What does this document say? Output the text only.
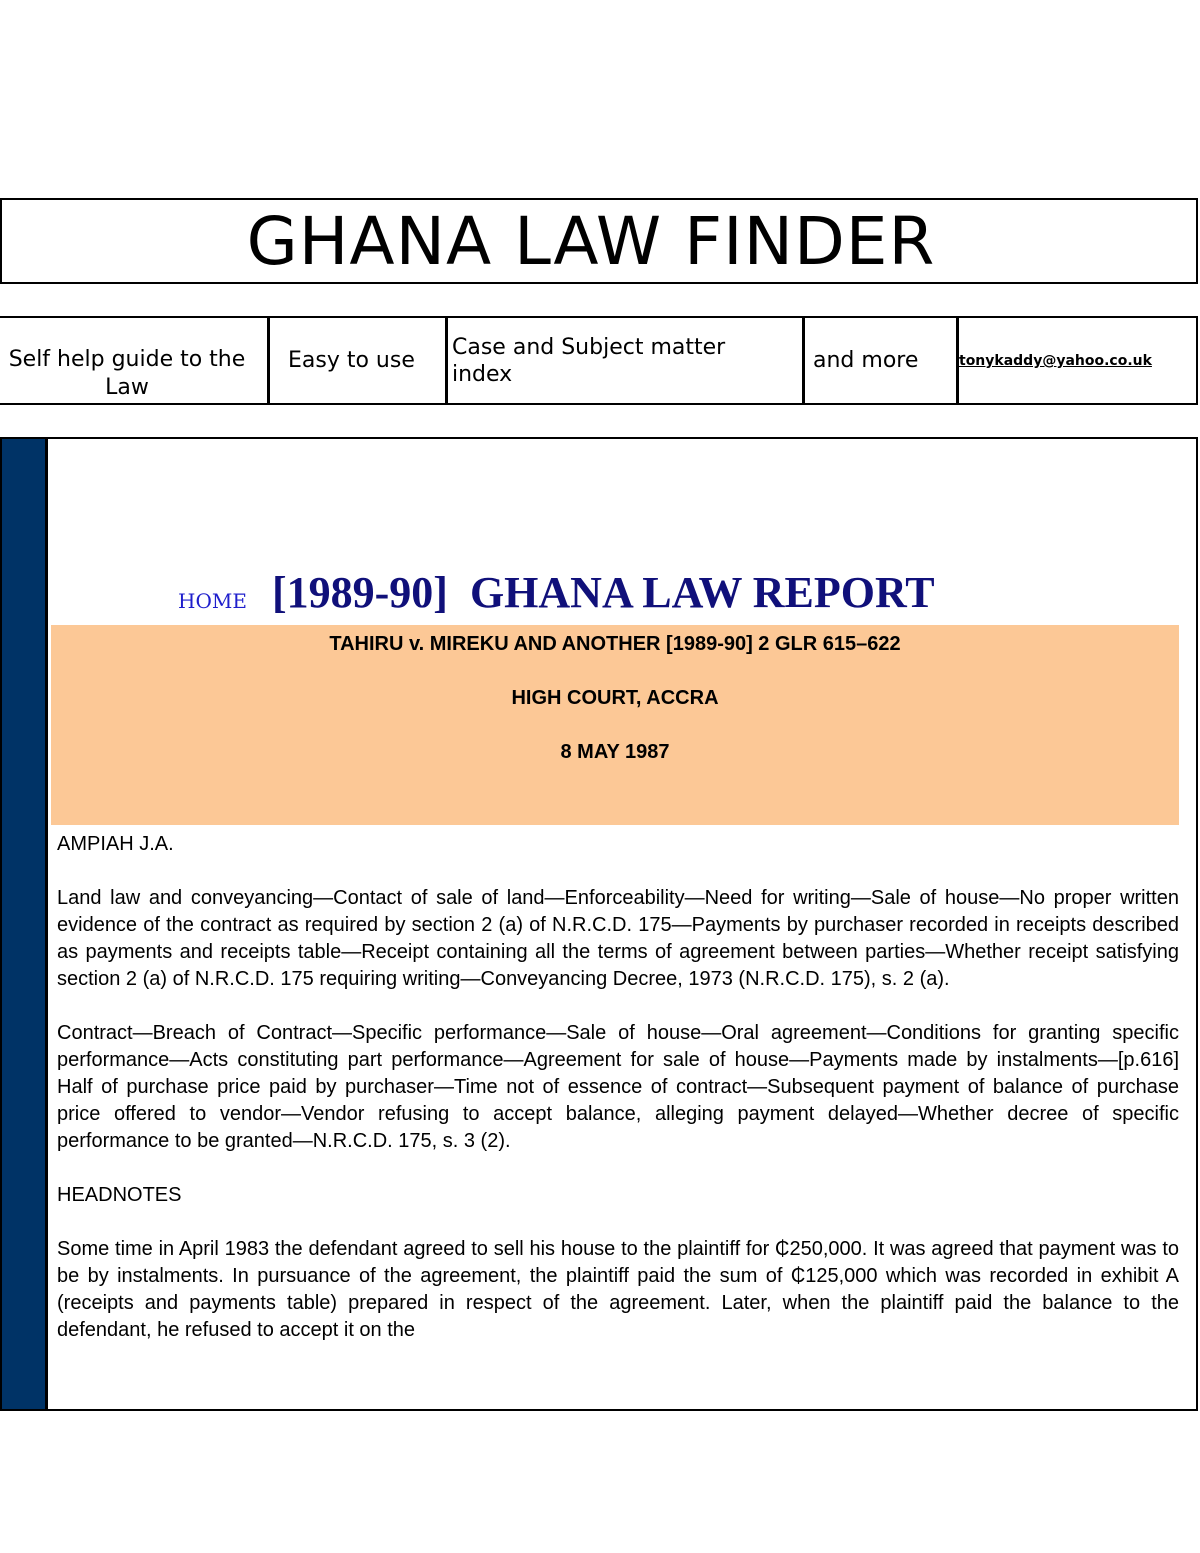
GHANA LAW FINDER
Self help guide to the Law
Easy to use
Case and Subject matter index
and more	tonykaddy@yahoo.co.uk
HOME [1989-90]  GHANA LAW REPORT
TAHIRU v. MIREKU AND ANOTHER [1989-90] 2 GLR 615–622
HIGH COURT, ACCRA
8 MAY 1987

AMPIAH J.A.

Land law and conveyancing—Contact of sale of land—Enforceability—Need for writing—Sale of house—No proper written evidence of the contract as required by section 2 (a) of N.R.C.D. 175—Payments by purchaser recorded in receipts described as payments and receipts table—Receipt containing all the terms of agreement between parties—Whether receipt satisfying section 2 (a) of N.R.C.D. 175 requiring writing—Conveyancing Decree, 1973 (N.R.C.D. 175), s. 2 (a).

Contract—Breach of Contract—Specific performance—Sale of house—Oral agreement—Conditions for granting specific performance—Acts constituting part performance—Agreement for sale of house—Payments made by instalments—[p.616] Half of purchase price paid by purchaser—Time not of essence of contract—Subsequent payment of balance of purchase price offered to vendor—Vendor refusing to accept balance, alleging payment delayed—Whether decree of specific performance to be granted—N.R.C.D. 175, s. 3 (2).

HEADNOTES

Some time in April 1983 the defendant agreed to sell his house to the plaintiff for ₵250,000. It was agreed that payment was to be by instalments. In pursuance of the agreement, the plaintiff paid the sum of ₵125,000 which was recorded in exhibit A (receipts and payments table) prepared in respect of the agreement. Later, when the plaintiff paid the balance to the defendant, he refused to accept it on the
